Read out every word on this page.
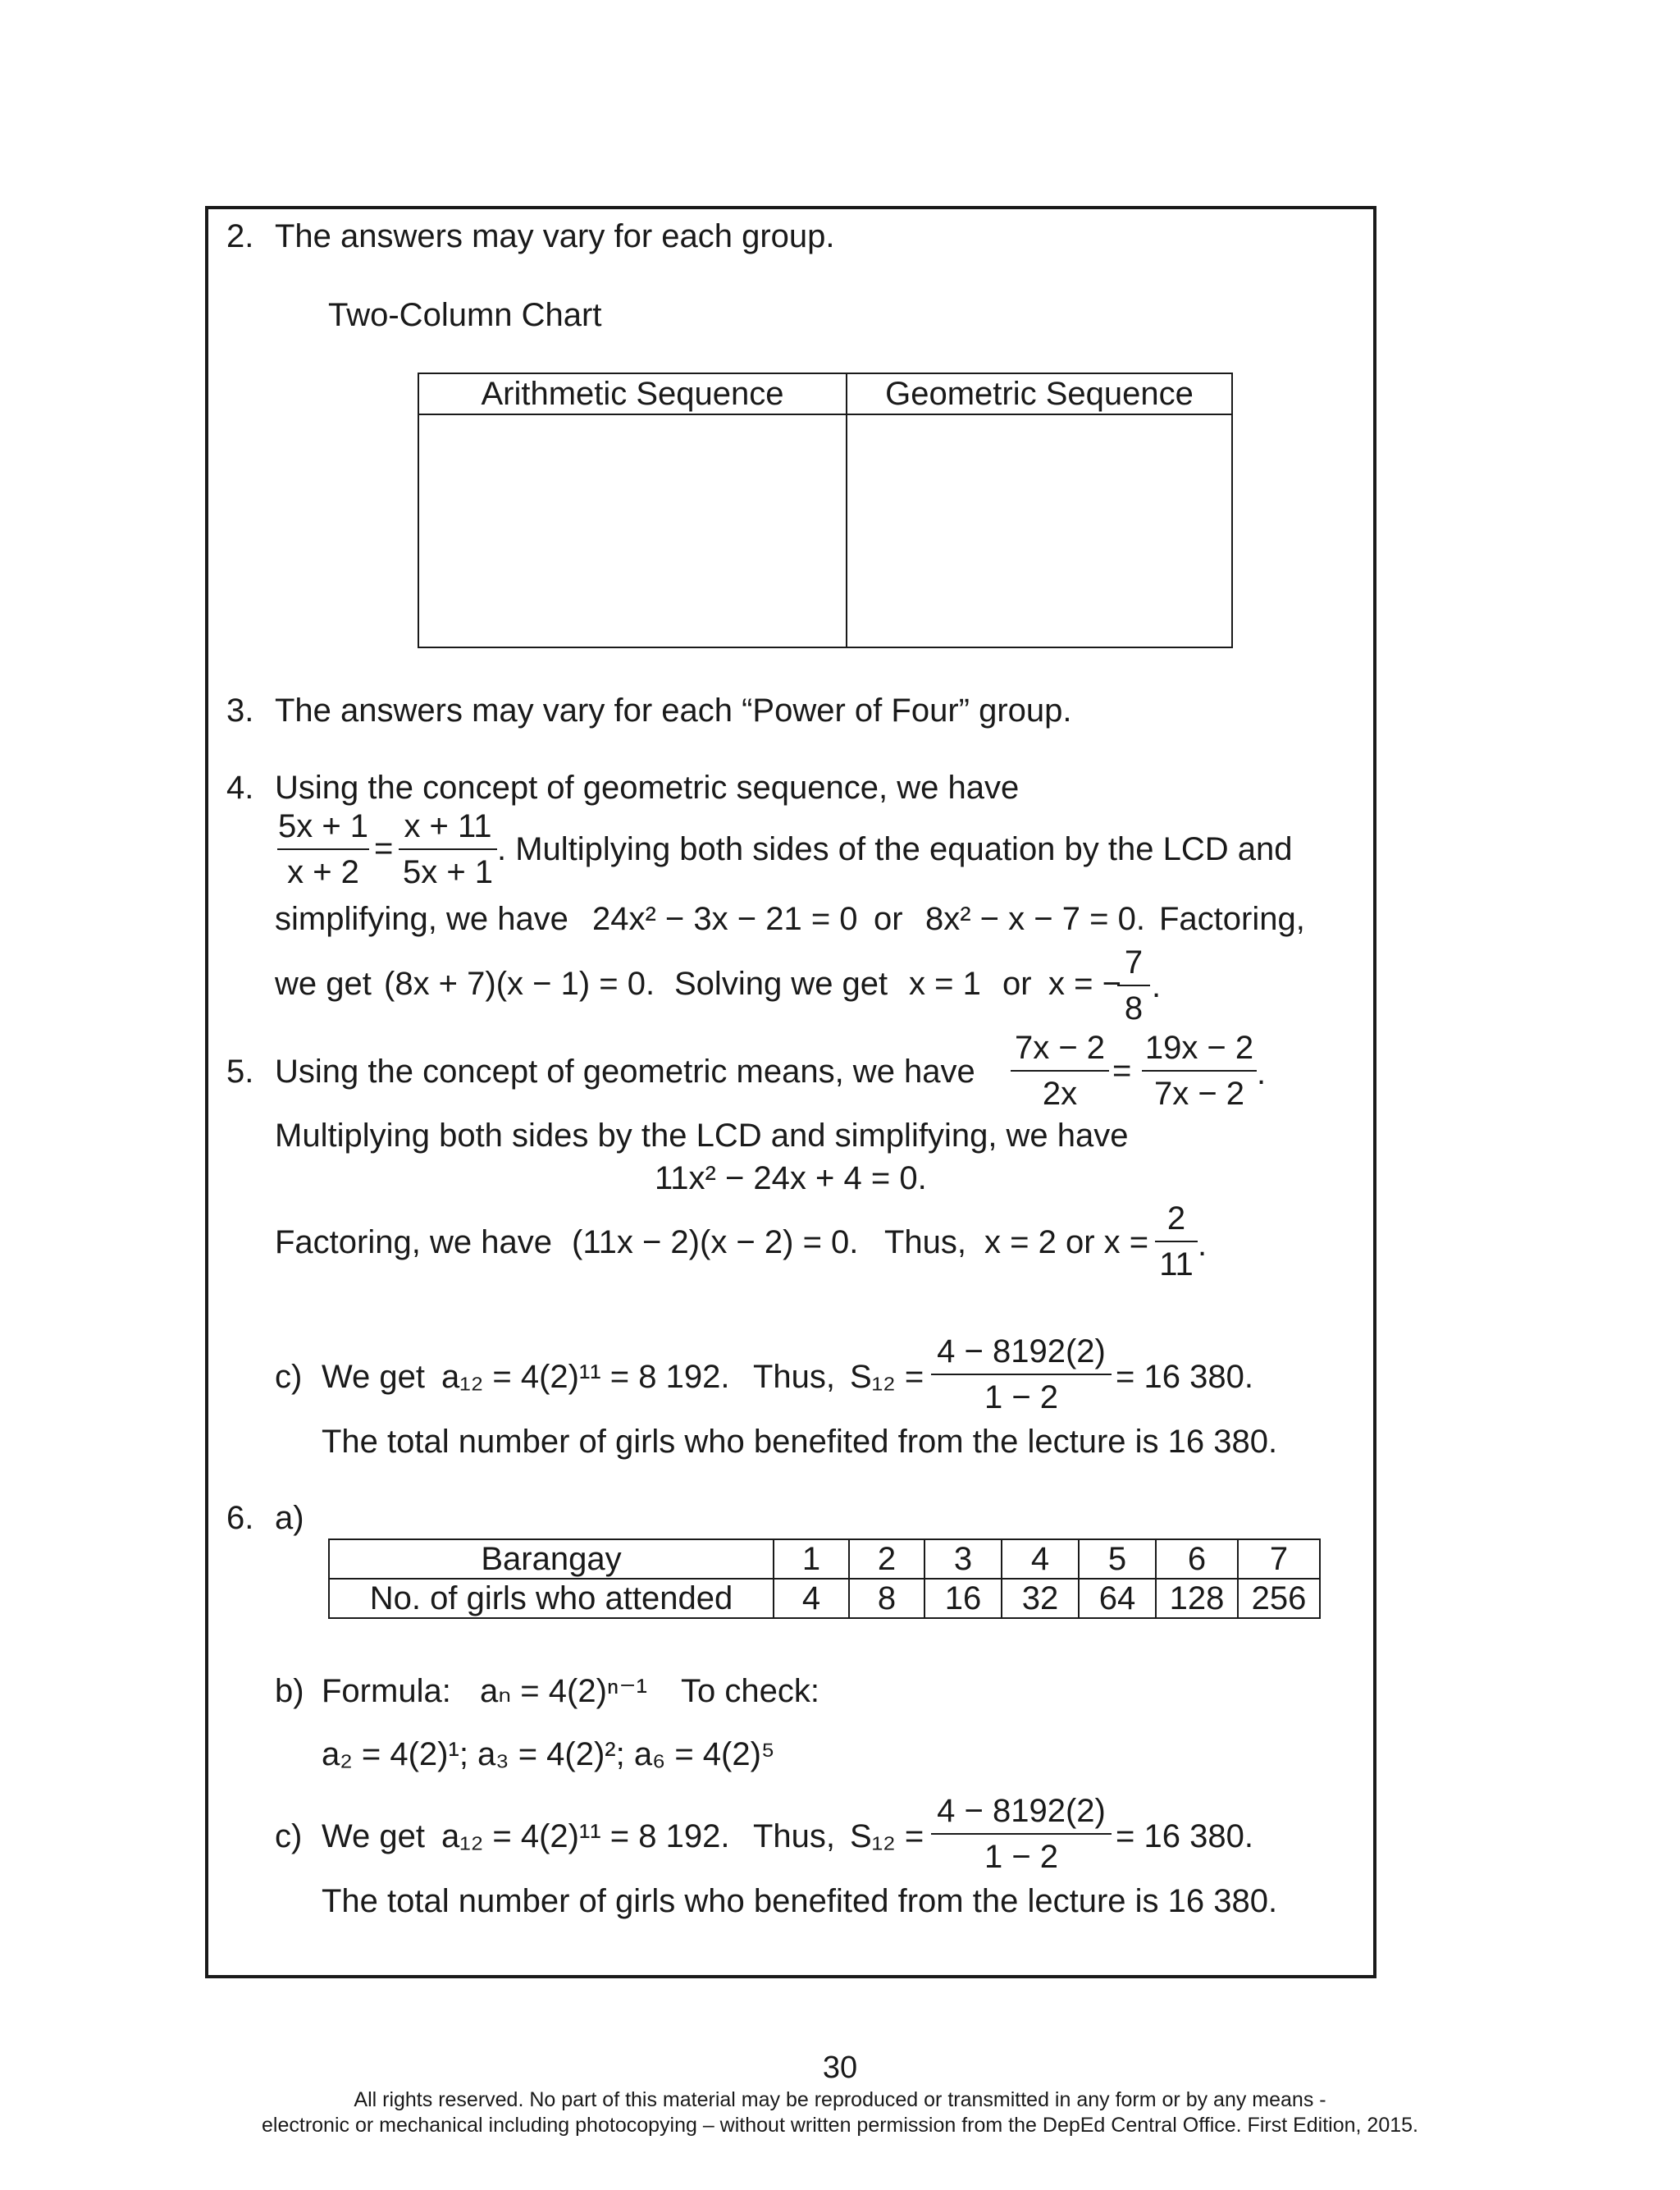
2. The answers may vary for each group.
Two-Column Chart
Arithmetic Sequence	Geometric Sequence

3. The answers may vary for each “Power of Four” group.
4. Using the concept of geometric sequence, we have
5x + 1
x + 2
=
x + 11
5x + 1
. Multiplying both sides of the equation by the LCD and
simplifying, we have 24x² − 3x − 21 = 0 or 8x² − x − 7 = 0. Factoring,
we get (8x + 7)(x − 1) = 0. Solving we get x = 1 or x = −
7
8
.
5. Using the concept of geometric means, we have
7x − 2
2x
=
19x − 2
7x − 2
.
Multiplying both sides by the LCD and simplifying, we have
11x² − 24x + 4 = 0.
Factoring, we have (11x − 2)(x − 2) = 0. Thus, x = 2 or x =
2
11
.
c) We get a₁₂ = 4(2)¹¹ = 8 192. Thus, S₁₂ =
4 − 8192(2)
1 − 2
= 16 380.
The total number of girls who benefited from the lecture is 16 380.
6. a)
Barangay	1	2	3	4	5	6	7
No. of girls who attended	4	8	16	32	64	128	256
b) Formula: aₙ = 4(2)ⁿ⁻¹ To check:
a₂ = 4(2)¹; a₃ = 4(2)²; a₆ = 4(2)⁵
c) We get a₁₂ = 4(2)¹¹ = 8 192. Thus, S₁₂ =
4 − 8192(2)
1 − 2
= 16 380.
The total number of girls who benefited from the lecture is 16 380.
30
All rights reserved. No part of this material may be reproduced or transmitted in any form or by any means -
electronic or mechanical including photocopying – without written permission from the DepEd Central Office. First Edition, 2015.
